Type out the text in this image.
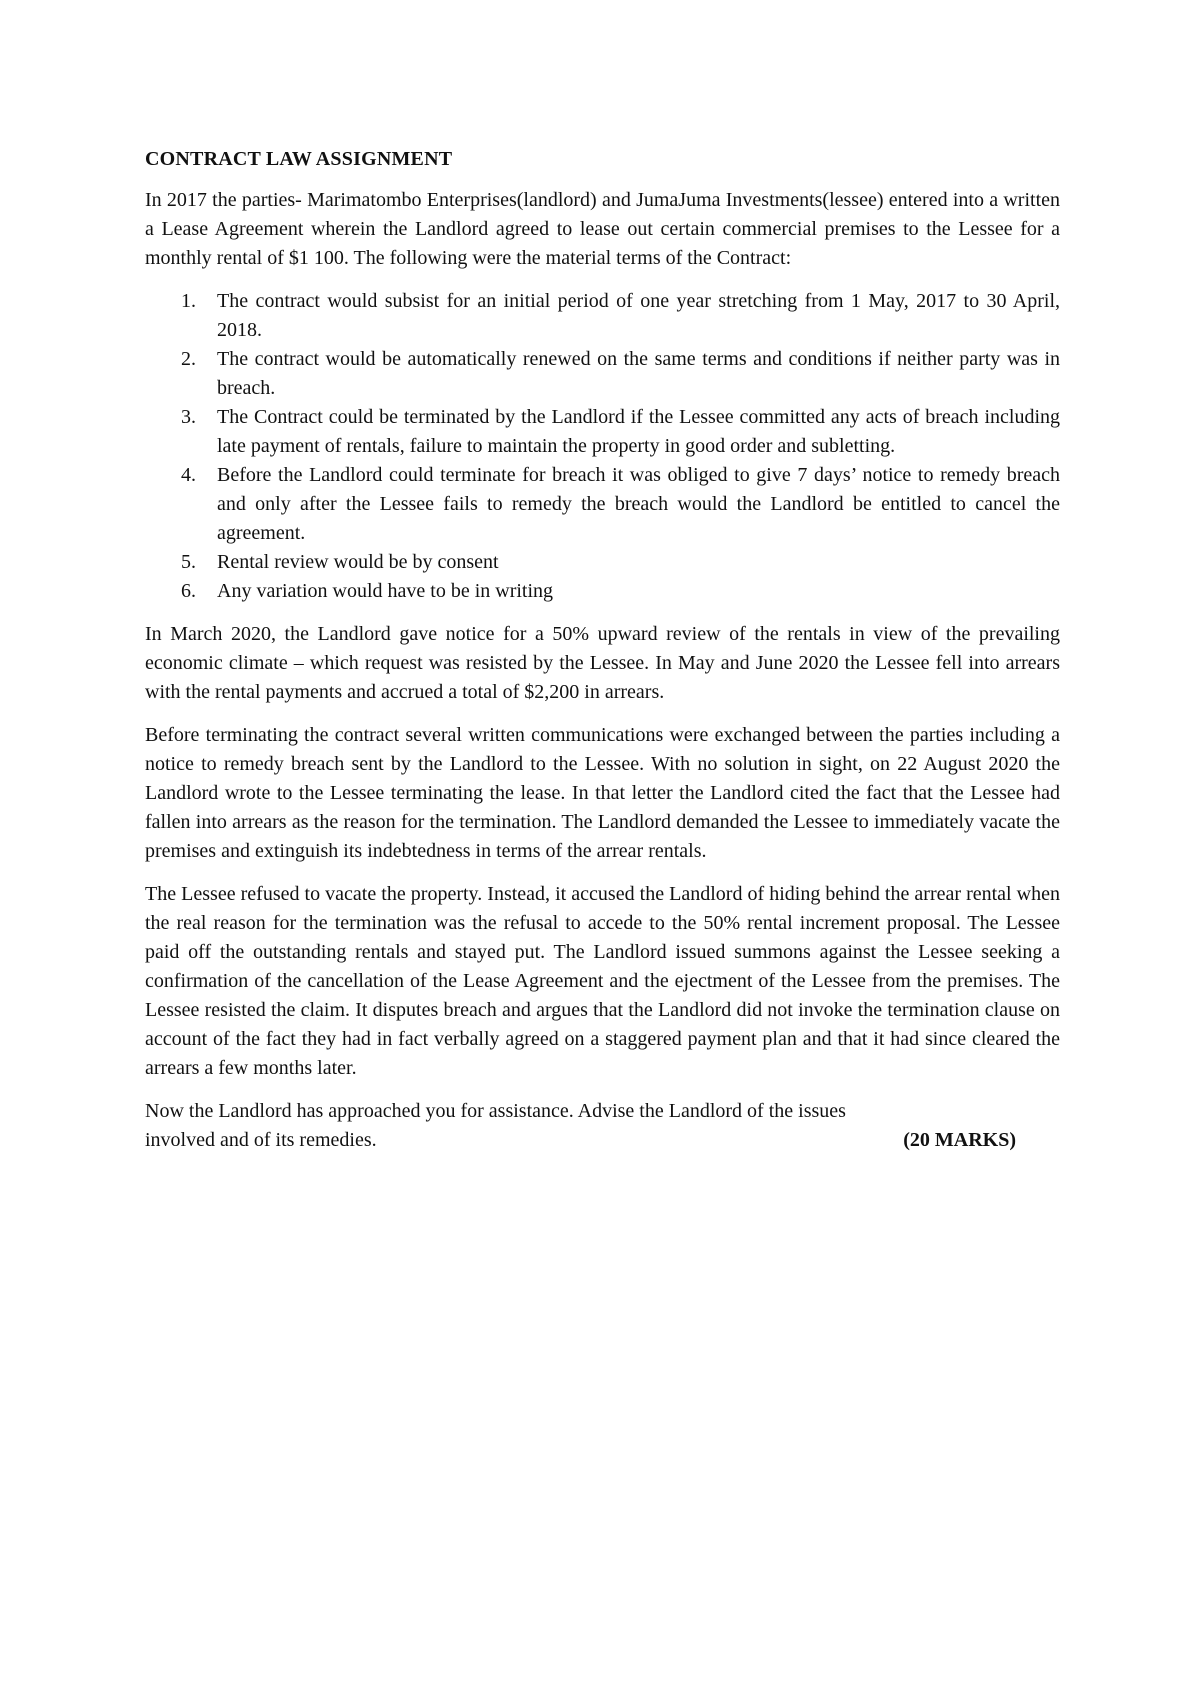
CONTRACT LAW ASSIGNMENT

In 2017 the parties- Marimatombo Enterprises(landlord) and JumaJuma Investments(lessee) entered into a written a Lease Agreement wherein the Landlord agreed to lease out certain commercial premises to the Lessee for a monthly rental of $1 100. The following were the material terms of the Contract:

1. The contract would subsist for an initial period of one year stretching from 1 May, 2017 to 30 April, 2018.
2. The contract would be automatically renewed on the same terms and conditions if neither party was in breach.
3. The Contract could be terminated by the Landlord if the Lessee committed any acts of breach including late payment of rentals, failure to maintain the property in good order and subletting.
4. Before the Landlord could terminate for breach it was obliged to give 7 days’ notice to remedy breach and only after the Lessee fails to remedy the breach would the Landlord be entitled to cancel the agreement.
5. Rental review would be by consent
6. Any variation would have to be in writing

In March 2020, the Landlord gave notice for a 50% upward review of the rentals in view of the prevailing economic climate – which request was resisted by the Lessee. In May and June 2020 the Lessee fell into arrears with the rental payments and accrued a total of $2,200 in arrears.

Before terminating the contract several written communications were exchanged between the parties including a notice to remedy breach sent by the Landlord to the Lessee. With no solution in sight, on 22 August 2020 the Landlord wrote to the Lessee terminating the lease. In that letter the Landlord cited the fact that the Lessee had fallen into arrears as the reason for the termination. The Landlord demanded the Lessee to immediately vacate the premises and extinguish its indebtedness in terms of the arrear rentals.

The Lessee refused to vacate the property. Instead, it accused the Landlord of hiding behind the arrear rental when the real reason for the termination was the refusal to accede to the 50% rental increment proposal. The Lessee paid off the outstanding rentals and stayed put. The Landlord issued summons against the Lessee seeking a confirmation of the cancellation of the Lease Agreement and the ejectment of the Lessee from the premises. The Lessee resisted the claim. It disputes breach and argues that the Landlord did not invoke the termination clause on account of the fact they had in fact verbally agreed on a staggered payment plan and that it had since cleared the arrears a few months later.

Now the Landlord has approached you for assistance. Advise the Landlord of the issues
involved and of its remedies.	(20 MARKS)
